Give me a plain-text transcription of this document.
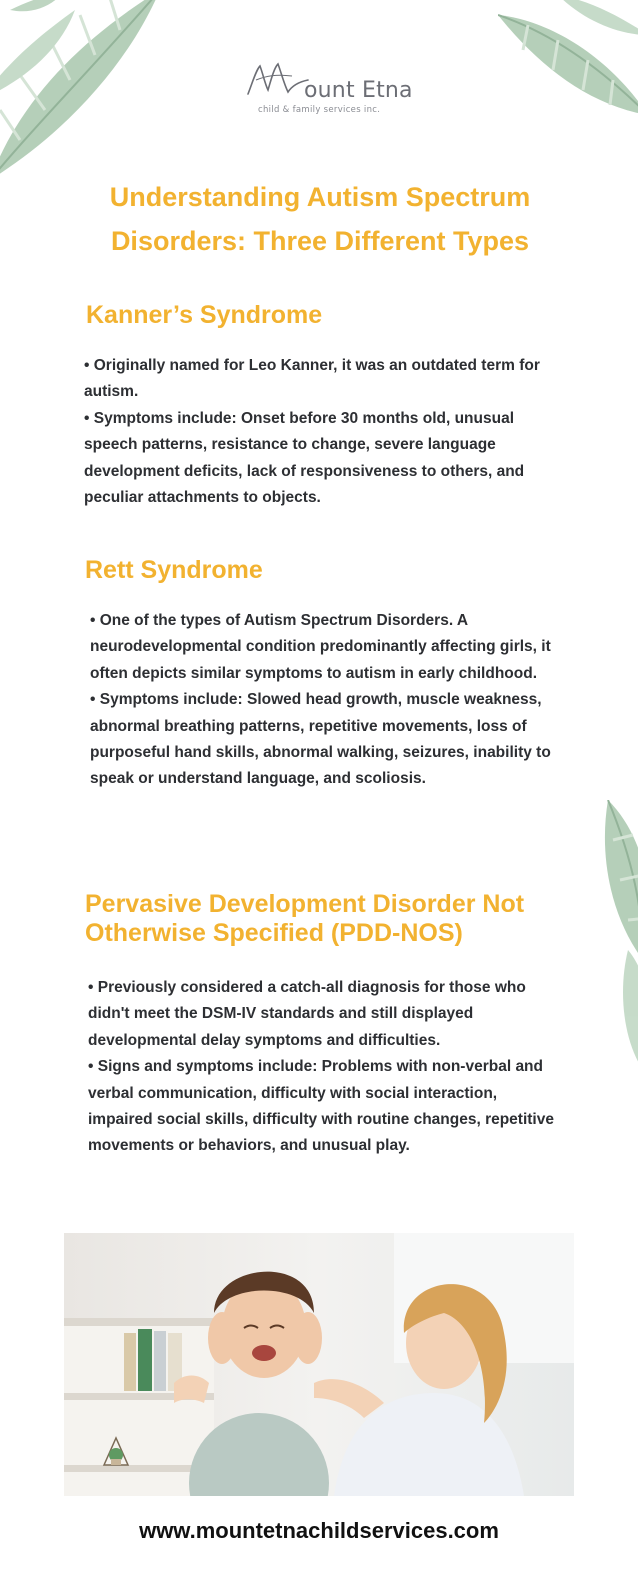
ount Etna
child & family services inc.
Understanding Autism Spectrum Disorders: Three Different Types
Kanner’s Syndrome

• Originally named for Leo Kanner, it was an outdated term for autism.

• Symptoms include: Onset before 30 months old, unusual speech patterns, resistance to change, severe language development deficits, lack of responsiveness to others, and peculiar attachments to objects.

Rett Syndrome

• One of the types of Autism Spectrum Disorders. A neurodevelopmental condition predominantly affecting girls, it often depicts similar symptoms to autism in early childhood.

• Symptoms include: Slowed head growth, muscle weakness, abnormal breathing patterns, repetitive movements, loss of purposeful hand skills, abnormal walking, seizures, inability to speak or understand language, and scoliosis.

Pervasive Development Disorder Not Otherwise Specified (PDD-NOS)

• Previously considered a catch-all diagnosis for those who didn't meet the DSM-IV standards and still displayed developmental delay symptoms and difficulties.

• Signs and symptoms include: Problems with non-verbal and verbal communication, difficulty with social interaction, impaired social skills, difficulty with routine changes, repetitive movements or behaviors, and unusual play.

www.mountetnachildservices.com
